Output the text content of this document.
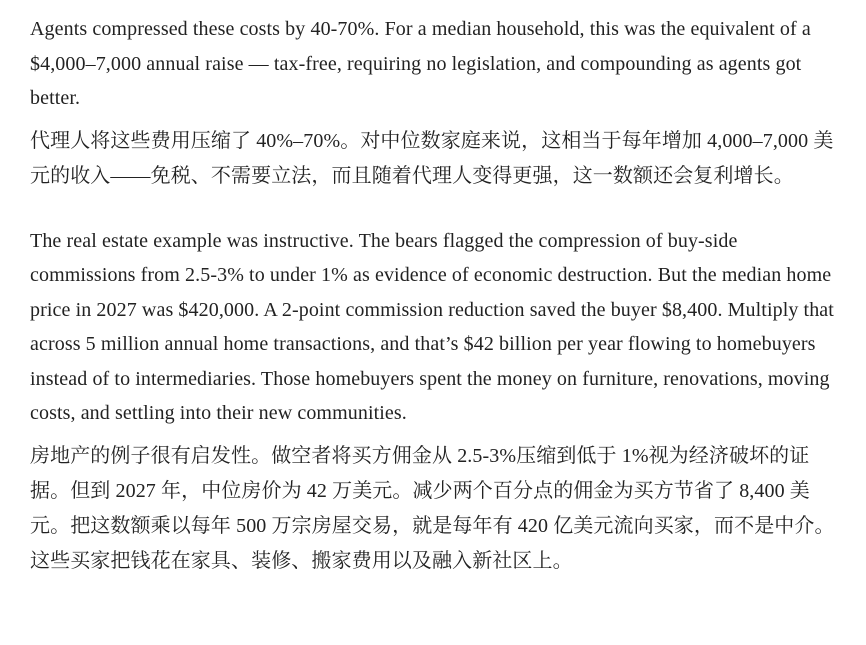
Agents compressed these costs by 40-70%. For a median household, this was the equivalent of a $4,000–7,000 annual raise — tax-free, requiring no legislation, and compounding as agents got better.

代理人将这些费用压缩了 40%–70%。对中位数家庭来说，这相当于每年增加 4,000–7,000 美元的收入——免税、不需要立法，而且随着代理人变得更强，这一数额还会复利增长。

The real estate example was instructive. The bears flagged the compression of buy-side commissions from 2.5-3% to under 1% as evidence of economic destruction. But the median home price in 2027 was $420,000. A 2-point commission reduction saved the buyer $8,400. Multiply that across 5 million annual home transactions, and that’s $42 billion per year flowing to homebuyers instead of to intermediaries. Those homebuyers spent the money on furniture, renovations, moving costs, and settling into their new communities.

房地产的例子很有启发性。做空者将买方佣金从 2.5-3%压缩到低于 1%视为经济破坏的证据。但到 2027 年，中位房价为 42 万美元。减少两个百分点的佣金为买方节省了 8,400 美元。把这数额乘以每年 500 万宗房屋交易，就是每年有 420 亿美元流向买家，而不是中介。这些买家把钱花在家具、装修、搬家费用以及融入新社区上。
